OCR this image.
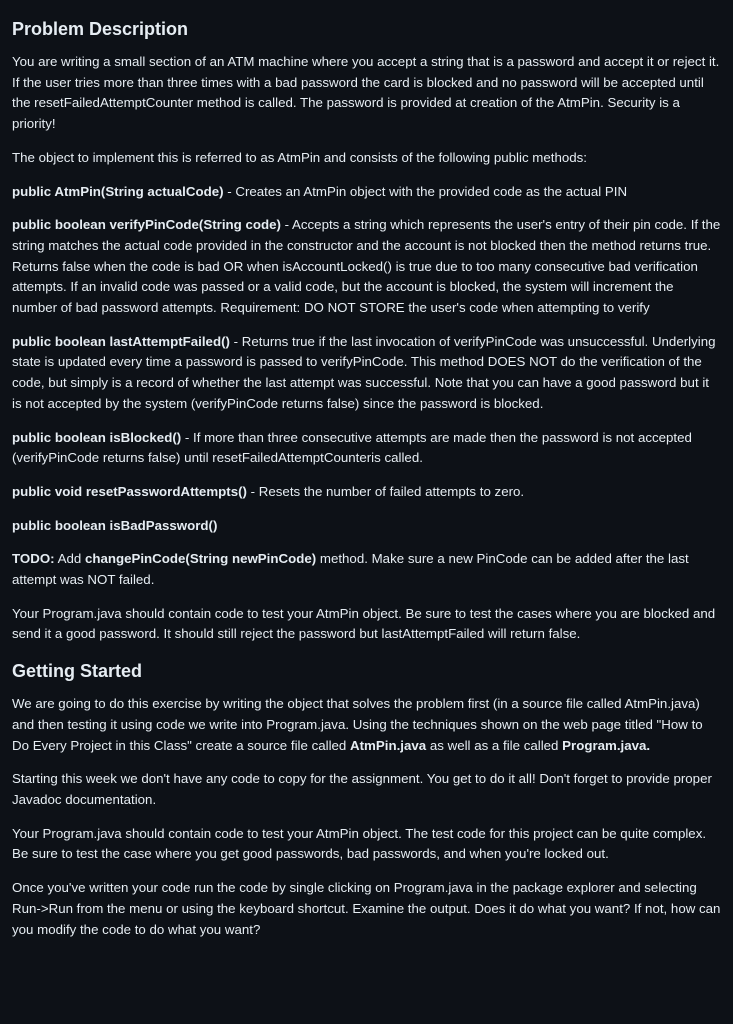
Problem Description

You are writing a small section of an ATM machine where you accept a string that is a password and accept it or reject it. If the user tries more than three times with a bad password the card is blocked and no password will be accepted until the resetFailedAttemptCounter method is called. The password is provided at creation of the AtmPin. Security is a priority!

The object to implement this is referred to as AtmPin and consists of the following public methods:

public AtmPin(String actualCode) - Creates an AtmPin object with the provided code as the actual PIN

public boolean verifyPinCode(String code) - Accepts a string which represents the user's entry of their pin code. If the string matches the actual code provided in the constructor and the account is not blocked then the method returns true. Returns false when the code is bad OR when isAccountLocked() is true due to too many consecutive bad verification attempts. If an invalid code was passed or a valid code, but the account is blocked, the system will increment the number of bad password attempts. Requirement: DO NOT STORE the user's code when attempting to verify

public boolean lastAttemptFailed() - Returns true if the last invocation of verifyPinCode was unsuccessful. Underlying state is updated every time a password is passed to verifyPinCode. This method DOES NOT do the verification of the code, but simply is a record of whether the last attempt was successful. Note that you can have a good password but it is not accepted by the system (verifyPinCode returns false) since the password is blocked.

public boolean isBlocked() - If more than three consecutive attempts are made then the password is not accepted (verifyPinCode returns false) until resetFailedAttemptCounteris called.

public void resetPasswordAttempts() - Resets the number of failed attempts to zero.

public boolean isBadPassword()

TODO: Add changePinCode(String newPinCode) method. Make sure a new PinCode can be added after the last attempt was NOT failed.

Your Program.java should contain code to test your AtmPin object. Be sure to test the cases where you are blocked and send it a good password. It should still reject the password but lastAttemptFailed will return false.

Getting Started

We are going to do this exercise by writing the object that solves the problem first (in a source file called AtmPin.java) and then testing it using code we write into Program.java. Using the techniques shown on the web page titled "How to Do Every Project in this Class" create a source file called AtmPin.java as well as a file called Program.java.

Starting this week we don't have any code to copy for the assignment. You get to do it all! Don't forget to provide proper Javadoc documentation.

Your Program.java should contain code to test your AtmPin object. The test code for this project can be quite complex. Be sure to test the case where you get good passwords, bad passwords, and when you're locked out.

Once you've written your code run the code by single clicking on Program.java in the package explorer and selecting Run->Run from the menu or using the keyboard shortcut. Examine the output. Does it do what you want? If not, how can you modify the code to do what you want?
